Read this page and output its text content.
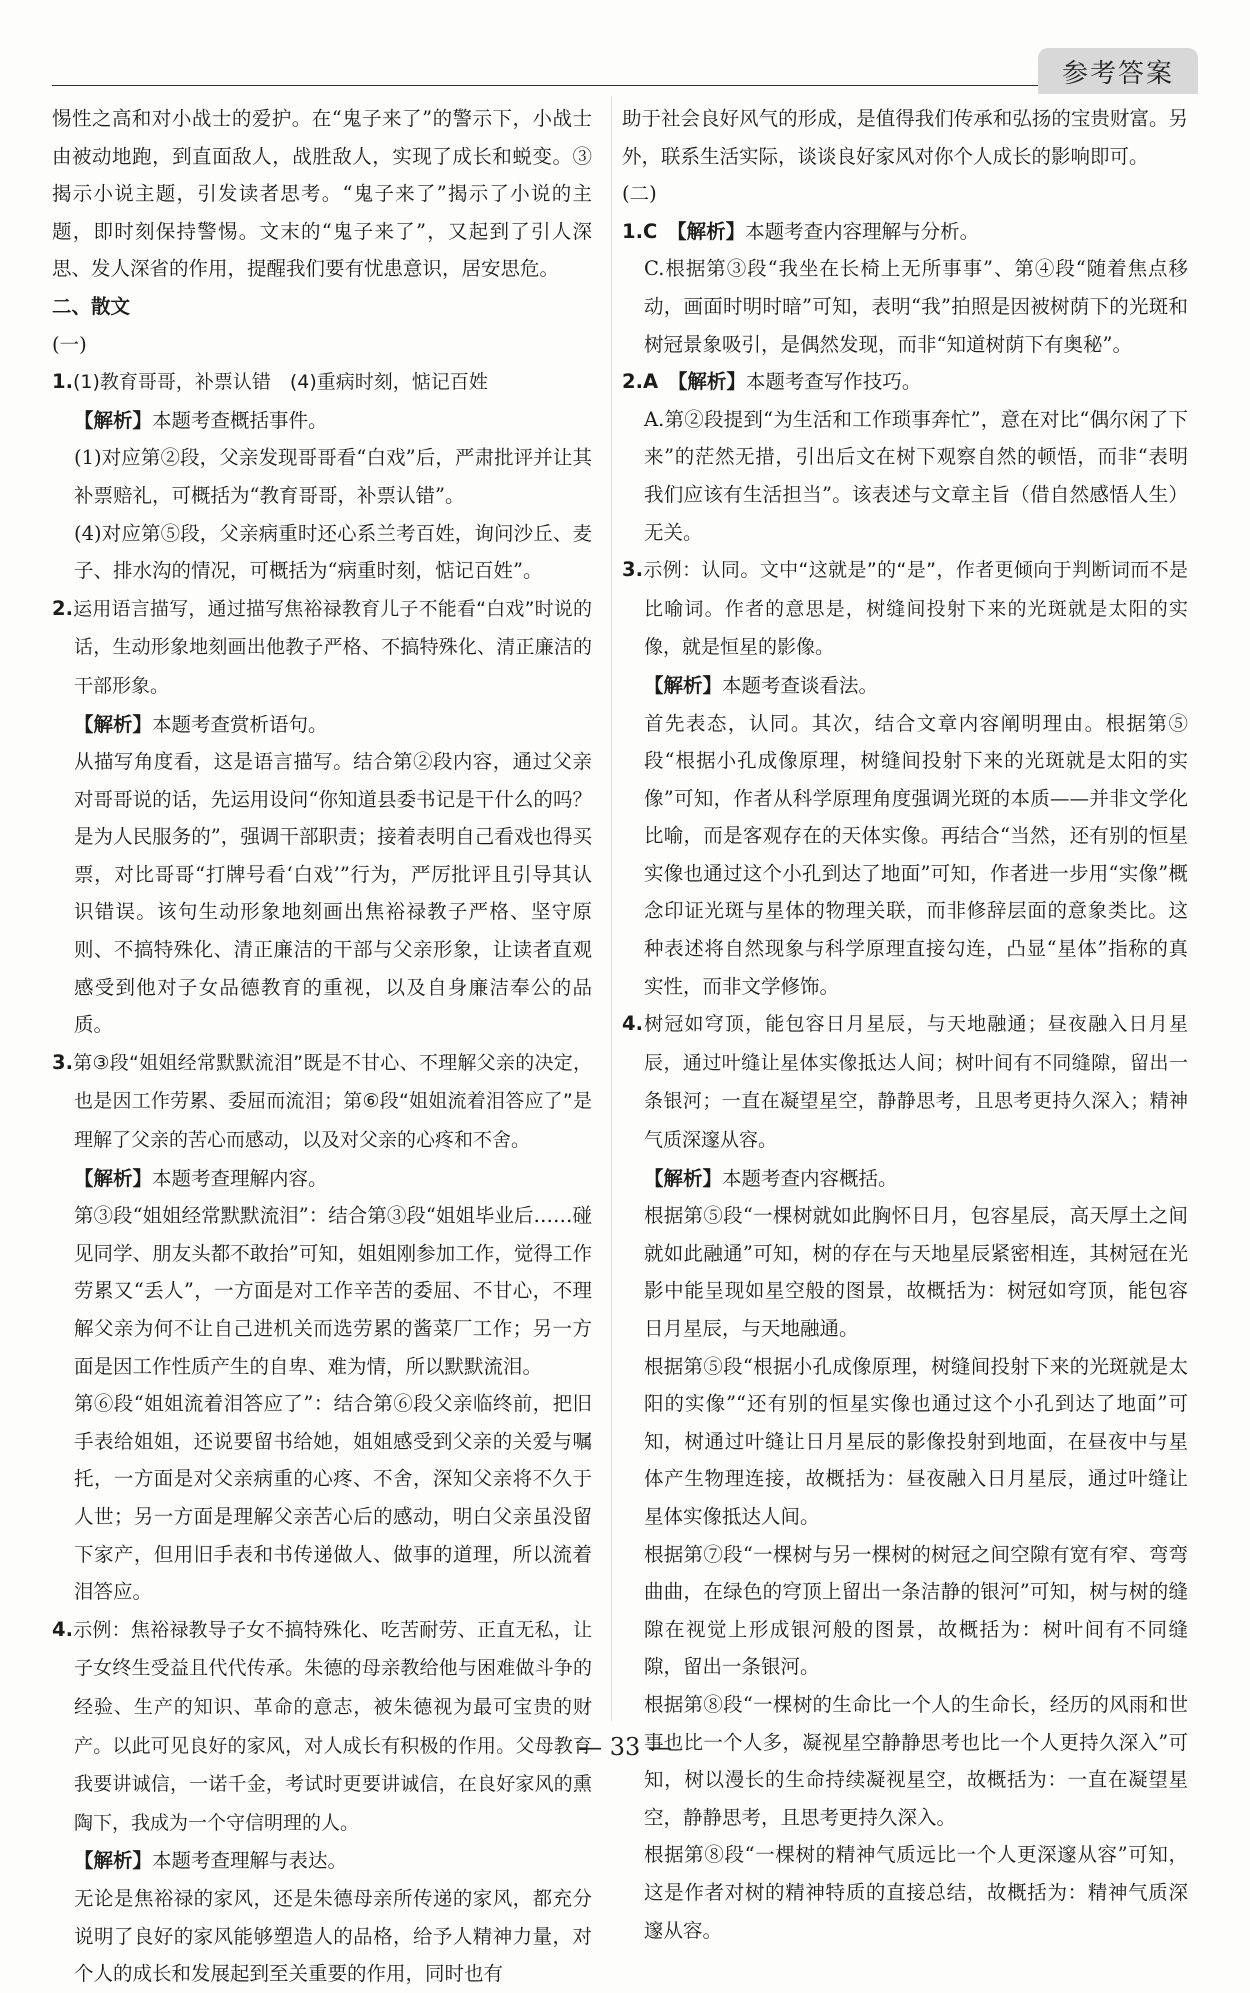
参考答案

惕性之高和对小战士的爱护。在“鬼子来了”的警示下，小战士由被动地跑，到直面敌人，战胜敌人，实现了成长和蜕变。③揭示小说主题，引发读者思考。“鬼子来了”揭示了小说的主题，即时刻保持警惕。文末的“鬼子来了”，又起到了引人深思、发人深省的作用，提醒我们要有忧患意识，居安思危。

二、散文

(一)

1.(1)教育哥哥，补票认错　(4)重病时刻，惦记百姓

【解析】本题考查概括事件。

(1)对应第②段，父亲发现哥哥看“白戏”后，严肃批评并让其补票赔礼，可概括为“教育哥哥，补票认错”。

(4)对应第⑤段，父亲病重时还心系兰考百姓，询问沙丘、麦子、排水沟的情况，可概括为“病重时刻，惦记百姓”。

2.运用语言描写，通过描写焦裕禄教育儿子不能看“白戏”时说的话，生动形象地刻画出他教子严格、不搞特殊化、清正廉洁的干部形象。

【解析】本题考查赏析语句。

从描写角度看，这是语言描写。结合第②段内容，通过父亲对哥哥说的话，先运用设问“你知道县委书记是干什么的吗？是为人民服务的”，强调干部职责；接着表明自己看戏也得买票，对比哥哥“打牌号看‘白戏’”行为，严厉批评且引导其认识错误。该句生动形象地刻画出焦裕禄教子严格、坚守原则、不搞特殊化、清正廉洁的干部与父亲形象，让读者直观感受到他对子女品德教育的重视，以及自身廉洁奉公的品质。

3.第③段“姐姐经常默默流泪”既是不甘心、不理解父亲的决定，也是因工作劳累、委屈而流泪；第⑥段“姐姐流着泪答应了”是理解了父亲的苦心而感动，以及对父亲的心疼和不舍。

【解析】本题考查理解内容。

第③段“姐姐经常默默流泪”：结合第③段“姐姐毕业后……碰见同学、朋友头都不敢抬”可知，姐姐刚参加工作，觉得工作劳累又“丢人”，一方面是对工作辛苦的委屈、不甘心，不理解父亲为何不让自己进机关而选劳累的酱菜厂工作；另一方面是因工作性质产生的自卑、难为情，所以默默流泪。

第⑥段“姐姐流着泪答应了”：结合第⑥段父亲临终前，把旧手表给姐姐，还说要留书给她，姐姐感受到父亲的关爱与嘱托，一方面是对父亲病重的心疼、不舍，深知父亲将不久于人世；另一方面是理解父亲苦心后的感动，明白父亲虽没留下家产，但用旧手表和书传递做人、做事的道理，所以流着泪答应。

4.示例：焦裕禄教导子女不搞特殊化、吃苦耐劳、正直无私，让子女终生受益且代代传承。朱德的母亲教给他与困难做斗争的经验、生产的知识、革命的意志，被朱德视为最可宝贵的财产。以此可见良好的家风，对人成长有积极的作用。父母教育我要讲诚信，一诺千金，考试时更要讲诚信，在良好家风的熏陶下，我成为一个守信明理的人。

【解析】本题考查理解与表达。

无论是焦裕禄的家风，还是朱德母亲所传递的家风，都充分说明了良好的家风能够塑造人的品格，给予人精神力量，对个人的成长和发展起到至关重要的作用，同时也有

助于社会良好风气的形成，是值得我们传承和弘扬的宝贵财富。另外，联系生活实际，谈谈良好家风对你个人成长的影响即可。

(二)

1.C　 【解析】本题考查内容理解与分析。

C.根据第③段“我坐在长椅上无所事事”、第④段“随着焦点移动，画面时明时暗”可知，表明“我”拍照是因被树荫下的光斑和树冠景象吸引，是偶然发现，而非“知道树荫下有奥秘”。

2.A　 【解析】本题考查写作技巧。

A.第②段提到“为生活和工作琐事奔忙”，意在对比“偶尔闲了下来”的茫然无措，引出后文在树下观察自然的顿悟，而非“表明我们应该有生活担当”。该表述与文章主旨（借自然感悟人生）无关。

3.示例：认同。文中“这就是”的“是”，作者更倾向于判断词而不是比喻词。作者的意思是，树缝间投射下来的光斑就是太阳的实像，就是恒星的影像。

【解析】本题考查谈看法。

首先表态，认同。其次，结合文章内容阐明理由。根据第⑤段“根据小孔成像原理，树缝间投射下来的光斑就是太阳的实像”可知，作者从科学原理角度强调光斑的本质——并非文学化比喻，而是客观存在的天体实像。再结合“当然，还有别的恒星实像也通过这个小孔到达了地面”可知，作者进一步用“实像”概念印证光斑与星体的物理关联，而非修辞层面的意象类比。这种表述将自然现象与科学原理直接勾连，凸显“星体”指称的真实性，而非文学修饰。

4.树冠如穹顶，能包容日月星辰，与天地融通；昼夜融入日月星辰，通过叶缝让星体实像抵达人间；树叶间有不同缝隙，留出一条银河；一直在凝望星空，静静思考，且思考更持久深入；精神气质深邃从容。

【解析】本题考查内容概括。

根据第⑤段“一棵树就如此胸怀日月，包容星辰，高天厚土之间就如此融通”可知，树的存在与天地星辰紧密相连，其树冠在光影中能呈现如星空般的图景，故概括为：树冠如穹顶，能包容日月星辰，与天地融通。

根据第⑤段“根据小孔成像原理，树缝间投射下来的光斑就是太阳的实像”“还有别的恒星实像也通过这个小孔到达了地面”可知，树通过叶缝让日月星辰的影像投射到地面，在昼夜中与星体产生物理连接，故概括为：昼夜融入日月星辰，通过叶缝让星体实像抵达人间。

根据第⑦段“一棵树与另一棵树的树冠之间空隙有宽有窄、弯弯曲曲，在绿色的穹顶上留出一条洁静的银河”可知，树与树的缝隙在视觉上形成银河般的图景，故概括为：树叶间有不同缝隙，留出一条银河。

根据第⑧段“一棵树的生命比一个人的生命长，经历的风雨和世事也比一个人多，凝视星空静静思考也比一个人更持久深入”可知，树以漫长的生命持续凝视星空，故概括为：一直在凝望星空，静静思考，且思考更持久深入。

根据第⑧段“一棵树的精神气质远比一个人更深邃从容”可知，这是作者对树的精神特质的直接总结，故概括为：精神气质深邃从容。

— 33 —
